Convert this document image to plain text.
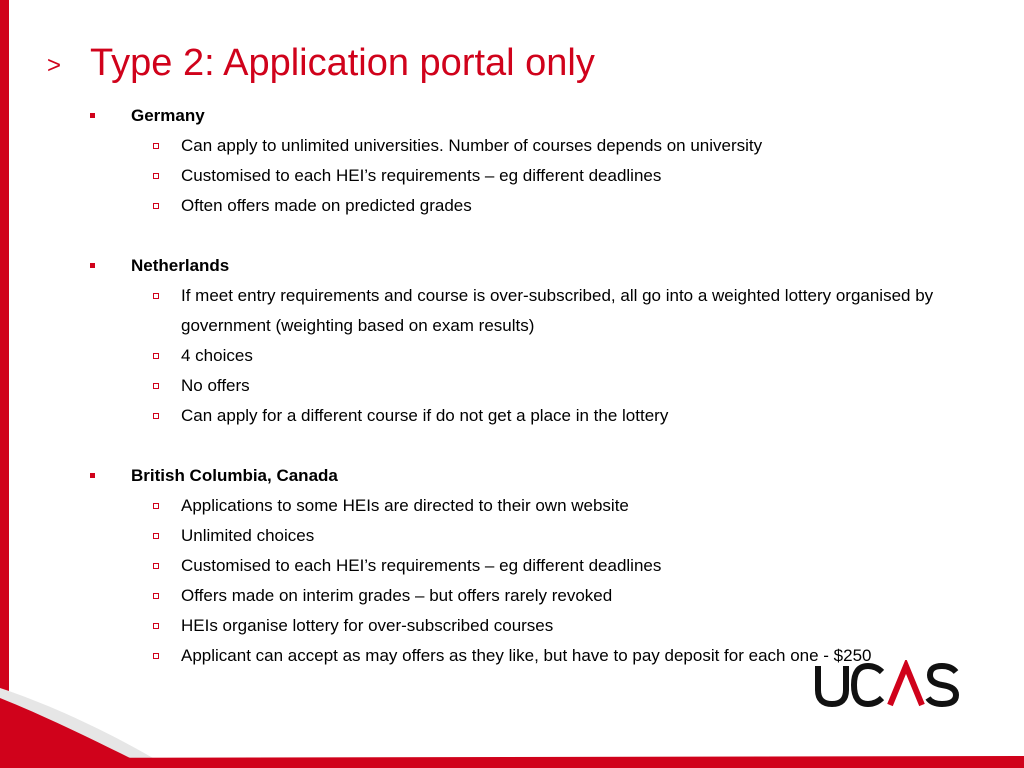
> Type 2: Application portal only
Germany
Can apply to unlimited universities. Number of courses depends on university
Customised to each HEI’s requirements – eg different deadlines
Often offers made on predicted grades
Netherlands
If meet entry requirements and course is over-subscribed, all go into a weighted lottery organised by government (weighting based on exam results)
4 choices
No offers
Can apply for a different course if do not get a place in the lottery
British Columbia, Canada
Applications to some HEIs are directed to their own website
Unlimited choices
Customised to each HEI’s requirements – eg different deadlines
Offers made on interim grades – but offers rarely revoked
HEIs organise lottery for over-subscribed courses
Applicant can accept as may offers as they like, but have to pay deposit for each one - $250
